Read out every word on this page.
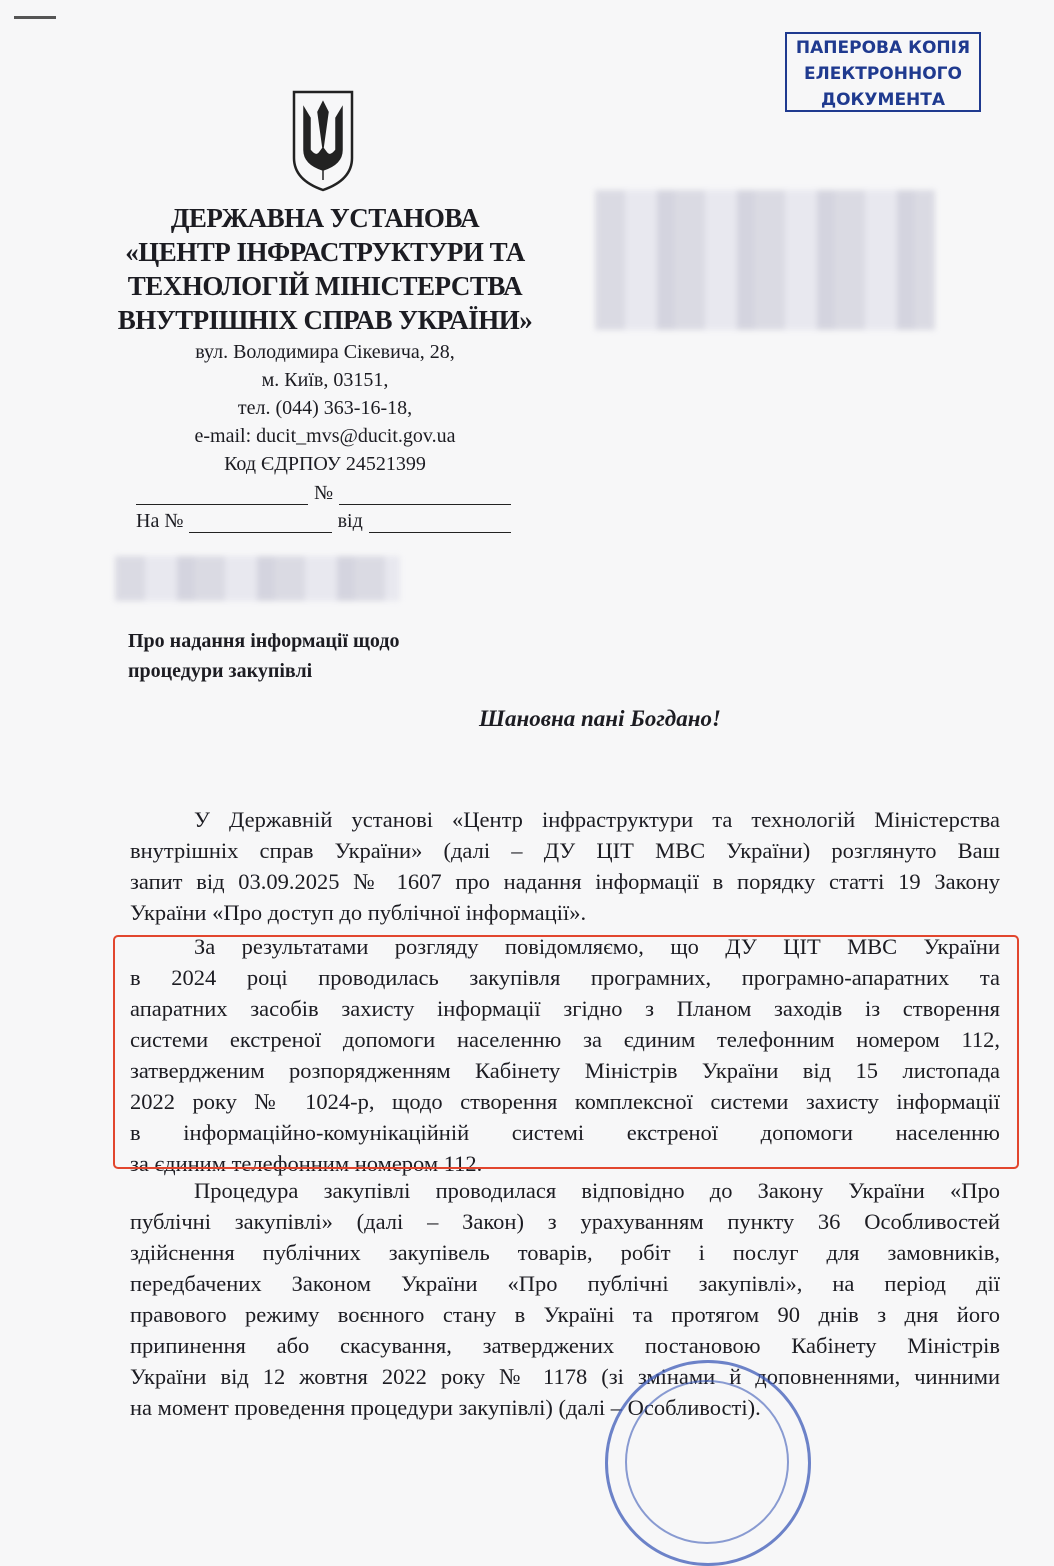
ПАПЕРОВА КОПІЯ
ЕЛЕКТРОННОГО
ДОКУМЕНТА
ДЕРЖАВНА УСТАНОВА
«ЦЕНТР ІНФРАСТРУКТУРИ ТА
ТЕХНОЛОГІЙ МІНІСТЕРСТВА
ВНУТРІШНІХ СПРАВ УКРАЇНИ»
вул. Володимира Сікевича, 28,
м. Київ, 03151,
тел. (044) 363-16-18,
e-mail: ducit_mvs@ducit.gov.ua
Код ЄДРПОУ 24521399
№
На №	від
Про надання інформації щодо
процедури закупівлі
Шановна пані Богдано!
У Державній установі «Центр інфраструктури та технологій Міністерства
внутрішніх справ України» (далі – ДУ ЦІТ МВС України) розглянуто Ваш
запит від 03.09.2025 № 1607 про надання інформації в порядку статті 19 Закону
України «Про доступ до публічної інформації».
За результатами розгляду повідомляємо, що ДУ ЦІТ МВС України
в 2024 році проводилась закупівля програмних, програмно-апаратних та
апаратних засобів захисту інформації згідно з Планом заходів із створення
системи екстреної допомоги населенню за єдиним телефонним номером 112,
затвердженим розпорядженням Кабінету Міністрів України від 15 листопада
2022 року № 1024-р, щодо створення комплексної системи захисту інформації
в інформаційно-комунікаційній системі екстреної допомоги населенню
за єдиним телефонним номером 112.
Процедура закупівлі проводилася відповідно до Закону України «Про
публічні закупівлі» (далі – Закон) з урахуванням пункту 36 Особливостей
здійснення публічних закупівель товарів, робіт і послуг для замовників,
передбачених Законом України «Про публічні закупівлі», на період дії
правового режиму воєнного стану в Україні та протягом 90 днів з дня його
припинення або скасування, затверджених постановою Кабінету Міністрів
України від 12 жовтня 2022 року № 1178 (зі змінами й доповненнями, чинними
на момент проведення процедури закупівлі) (далі – Особливості).
